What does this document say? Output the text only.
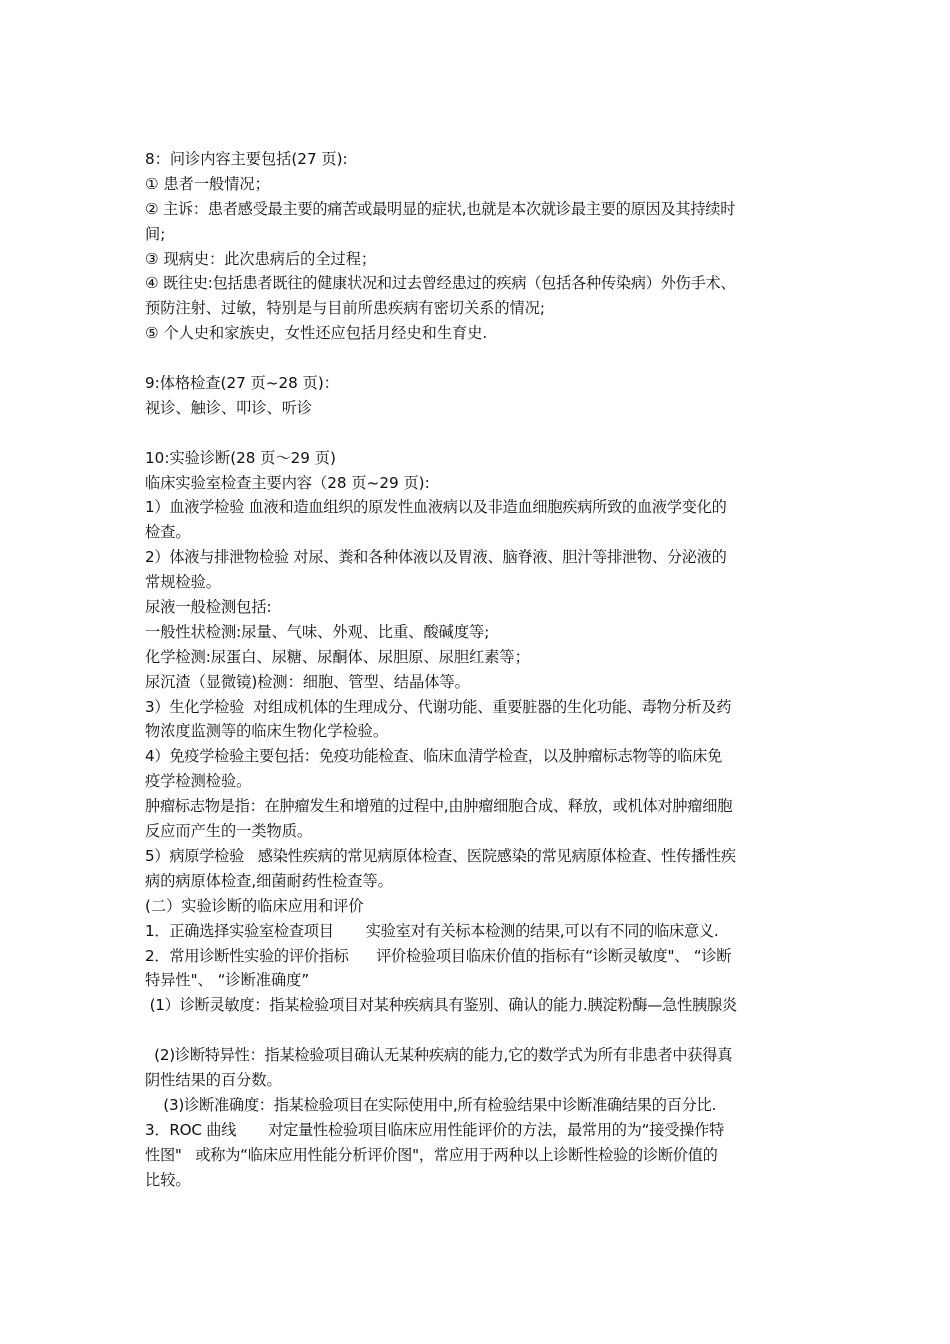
8：问诊内容主要包括(27 页):
① 患者一般情况；
② 主诉：患者感受最主要的痛苦或最明显的症状,也就是本次就诊最主要的原因及其持续时
间;
③ 现病史：此次患病后的全过程；
④ 既往史:包括患者既往的健康状况和过去曾经患过的疾病（包括各种传染病）外伤手术、
预防注射、过敏，特别是与目前所患疾病有密切关系的情况;
⑤ 个人史和家族史，女性还应包括月经史和生育史.
9:体格检查(27 页~28 页)：
视诊、触诊、叩诊、听诊
10:实验诊断(28 页～29 页)
临床实验室检查主要内容（28 页~29 页):
1）血液学检验 血液和造血组织的原发性血液病以及非造血细胞疾病所致的血液学变化的
检查。
2）体液与排泄物检验 对尿、粪和各种体液以及胃液、脑脊液、胆汁等排泄物、分泌液的
常规检验。
尿液一般检测包括:
一般性状检测:尿量、气味、外观、比重、酸碱度等;
化学检测:尿蛋白、尿糖、尿酮体、尿胆原、尿胆红素等；
尿沉渣（显微镜)检测：细胞、管型、结晶体等。
3）生化学检验  对组成机体的生理成分、代谢功能、重要脏器的生化功能、毒物分析及药
物浓度监测等的临床生物化学检验。
4）免疫学检验主要包括：免疫功能检查、临床血清学检查，以及肿瘤标志物等的临床免
疫学检测检验。
肿瘤标志物是指：在肿瘤发生和增殖的过程中,由肿瘤细胞合成、释放，或机体对肿瘤细胞
反应而产生的一类物质。
5）病原学检验   感染性疾病的常见病原体检查、医院感染的常见病原体检查、性传播性疾
病的病原体检查,细菌耐药性检查等。
(二）实验诊断的临床应用和评价
1．正确选择实验室检查项目       实验室对有关标本检测的结果,可以有不同的临床意义.
2．常用诊断性实验的评价指标      评价检验项目临床价值的指标有“诊断灵敏度"、 “诊断
特异性"、 “诊断准确度”
(1）诊断灵敏度：指某检验项目对某种疾病具有鉴别、确认的能力.胰淀粉酶—急性胰腺炎
(2)诊断特异性：指某检验项目确认无某种疾病的能力,它的数学式为所有非患者中获得真
阴性结果的百分数。
(3)诊断准确度：指某检验项目在实际使用中,所有检验结果中诊断准确结果的百分比.
3．ROC 曲线       对定量性检验项目临床应用性能评价的方法，最常用的为“接受操作特
性图"   或称为“临床应用性能分析评价图"，常应用于两种以上诊断性检验的诊断价值的
比较。
